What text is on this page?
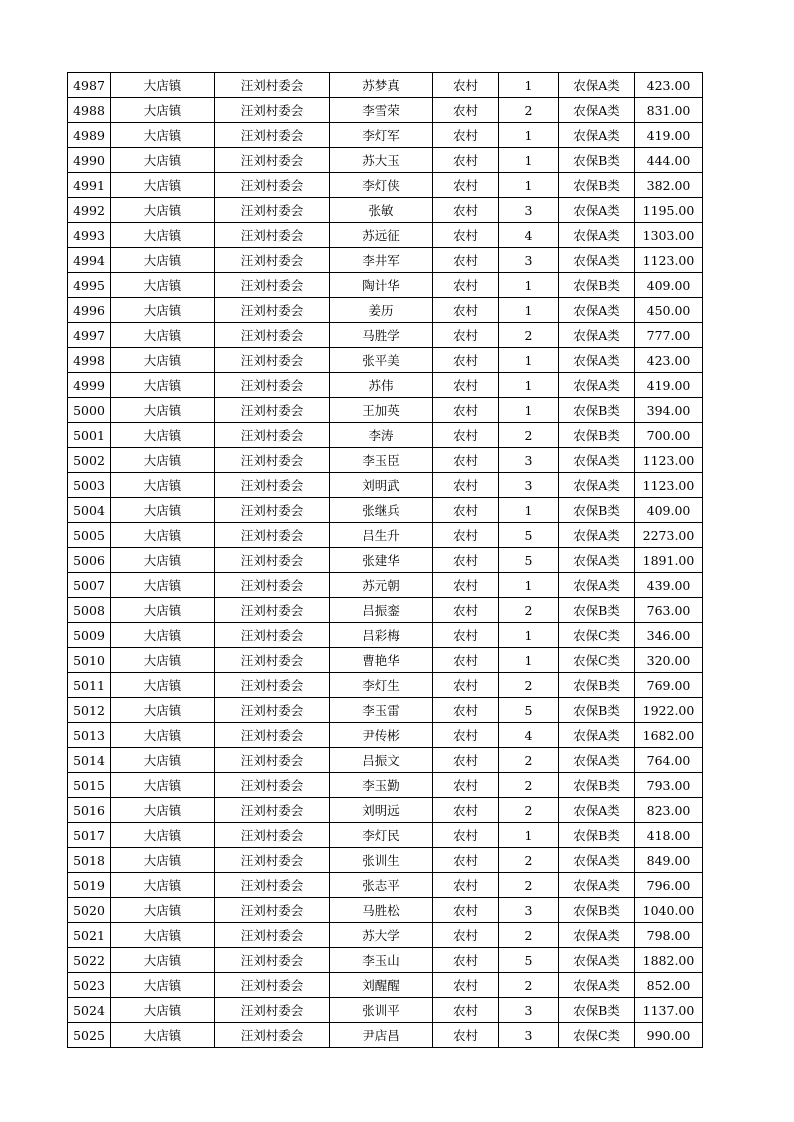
4987	大店镇	汪刘村委会	苏梦真	农村	1	农保A类	423.00
4988	大店镇	汪刘村委会	李雪荣	农村	2	农保A类	831.00
4989	大店镇	汪刘村委会	李灯军	农村	1	农保A类	419.00
4990	大店镇	汪刘村委会	苏大玉	农村	1	农保B类	444.00
4991	大店镇	汪刘村委会	李灯侠	农村	1	农保B类	382.00
4992	大店镇	汪刘村委会	张敏	农村	3	农保A类	1195.00
4993	大店镇	汪刘村委会	苏远征	农村	4	农保A类	1303.00
4994	大店镇	汪刘村委会	李井军	农村	3	农保A类	1123.00
4995	大店镇	汪刘村委会	陶计华	农村	1	农保B类	409.00
4996	大店镇	汪刘村委会	姜历	农村	1	农保A类	450.00
4997	大店镇	汪刘村委会	马胜学	农村	2	农保A类	777.00
4998	大店镇	汪刘村委会	张平美	农村	1	农保A类	423.00
4999	大店镇	汪刘村委会	苏伟	农村	1	农保A类	419.00
5000	大店镇	汪刘村委会	王加英	农村	1	农保B类	394.00
5001	大店镇	汪刘村委会	李涛	农村	2	农保B类	700.00
5002	大店镇	汪刘村委会	李玉臣	农村	3	农保A类	1123.00
5003	大店镇	汪刘村委会	刘明武	农村	3	农保A类	1123.00
5004	大店镇	汪刘村委会	张继兵	农村	1	农保B类	409.00
5005	大店镇	汪刘村委会	吕生升	农村	5	农保A类	2273.00
5006	大店镇	汪刘村委会	张建华	农村	5	农保A类	1891.00
5007	大店镇	汪刘村委会	苏元朝	农村	1	农保A类	439.00
5008	大店镇	汪刘村委会	吕振銮	农村	2	农保B类	763.00
5009	大店镇	汪刘村委会	吕彩梅	农村	1	农保C类	346.00
5010	大店镇	汪刘村委会	曹艳华	农村	1	农保C类	320.00
5011	大店镇	汪刘村委会	李灯生	农村	2	农保B类	769.00
5012	大店镇	汪刘村委会	李玉雷	农村	5	农保B类	1922.00
5013	大店镇	汪刘村委会	尹传彬	农村	4	农保A类	1682.00
5014	大店镇	汪刘村委会	吕振文	农村	2	农保A类	764.00
5015	大店镇	汪刘村委会	李玉勤	农村	2	农保B类	793.00
5016	大店镇	汪刘村委会	刘明远	农村	2	农保A类	823.00
5017	大店镇	汪刘村委会	李灯民	农村	1	农保B类	418.00
5018	大店镇	汪刘村委会	张训生	农村	2	农保A类	849.00
5019	大店镇	汪刘村委会	张志平	农村	2	农保A类	796.00
5020	大店镇	汪刘村委会	马胜松	农村	3	农保B类	1040.00
5021	大店镇	汪刘村委会	苏大学	农村	2	农保A类	798.00
5022	大店镇	汪刘村委会	李玉山	农村	5	农保A类	1882.00
5023	大店镇	汪刘村委会	刘醒醒	农村	2	农保A类	852.00
5024	大店镇	汪刘村委会	张训平	农村	3	农保B类	1137.00
5025	大店镇	汪刘村委会	尹店昌	农村	3	农保C类	990.00
